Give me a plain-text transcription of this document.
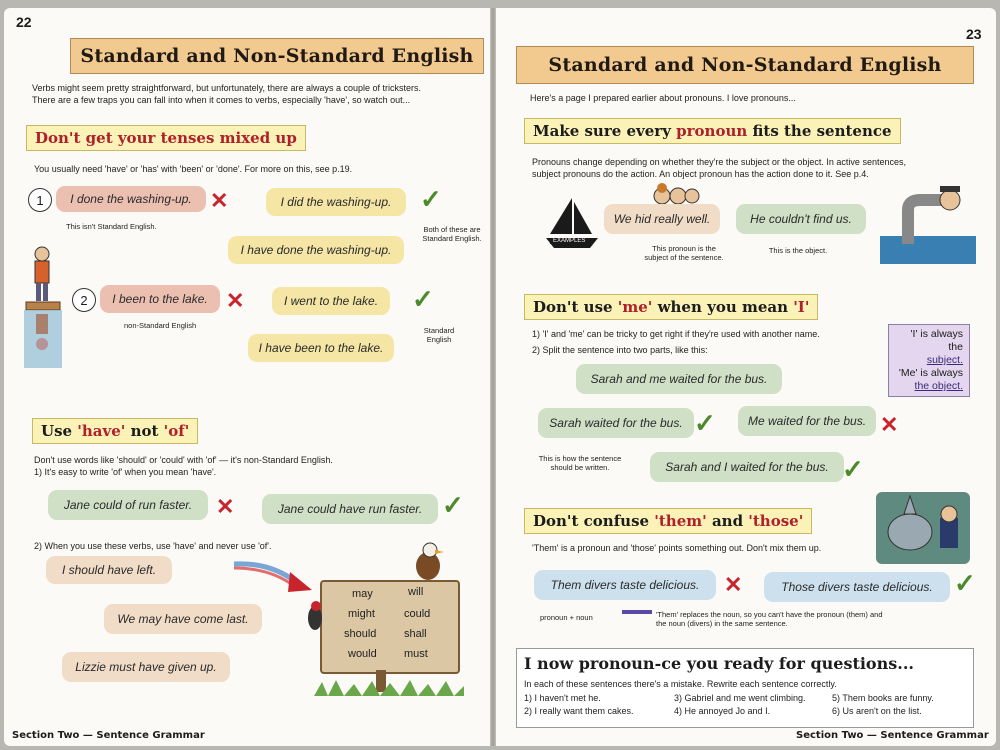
22
Standard and Non-Standard English
Verbs might seem pretty straightforward, but unfortunately, there are always a couple of tricksters.
There are a few traps you can fall into when it comes to verbs, especially 'have', so watch out...
Don't get your tenses mixed up
You usually need 'have' or 'has' with 'been' or 'done'. For more on this, see p.19.
1	I done the washing-up. ✕
This isn't Standard English.
I did the washing-up.	✓
I have done the washing-up.
Both of these are Standard English.
2	I been to the lake. ✕
non-Standard English
I went to the lake.	✓
I have been to the lake.
Standard English
Use 'have' not 'of'
Don't use words like 'should' or 'could' with 'of' — it's non-Standard English.
1) It's easy to write 'of' when you mean 'have'.
Jane could of run faster.	✕	Jane could have run faster. ✓
2) When you use these verbs, use 'have' and never use 'of'.
I should have left.
We may have come last.
Lizzie must have given up.
may	will
might	could
should	shall
would must
Section Two — Sentence Grammar
23
Standard and Non-Standard English
Here's a page I prepared earlier about pronouns. I love pronouns...
Make sure every pronoun fits the sentence
Pronouns change depending on whether they're the subject or the object. In active sentences,
subject pronouns do the action. An object pronoun has the action done to it. See p.4.
EXAMPLES
We hid really well.	He couldn't find us.
This pronoun is the subject of the sentence.
This is the object.
Don't use 'me' when you mean 'I'
1) 'I' and 'me' can be tricky to get right if they're used with another name.
2) Split the sentence into two parts, like this:
'I' is always the
subject.
'Me' is always
the object.
Sarah and me waited for the bus.
Sarah waited for the bus. ✓	Me waited for the bus. ✕
This is how the sentence should be written.	Sarah and I waited for the bus. ✓
Don't confuse 'them' and 'those'
'Them' is a pronoun and 'those' points something out. Don't mix them up.
Them divers taste delicious.	✕	Those divers taste delicious. ✓
pronoun + noun	'Them' replaces the noun, so you can't have the pronoun (them) and the noun (divers) in the same sentence.
I now pronoun-ce you ready for questions...
In each of these sentences there's a mistake. Rewrite each sentence correctly.
1) I haven't met he.
2) I really want them cakes.
3) Gabriel and me went climbing.
4) He annoyed Jo and I.
5) Them books are funny.
6) Us aren't on the list.
Section Two — Sentence Grammar
